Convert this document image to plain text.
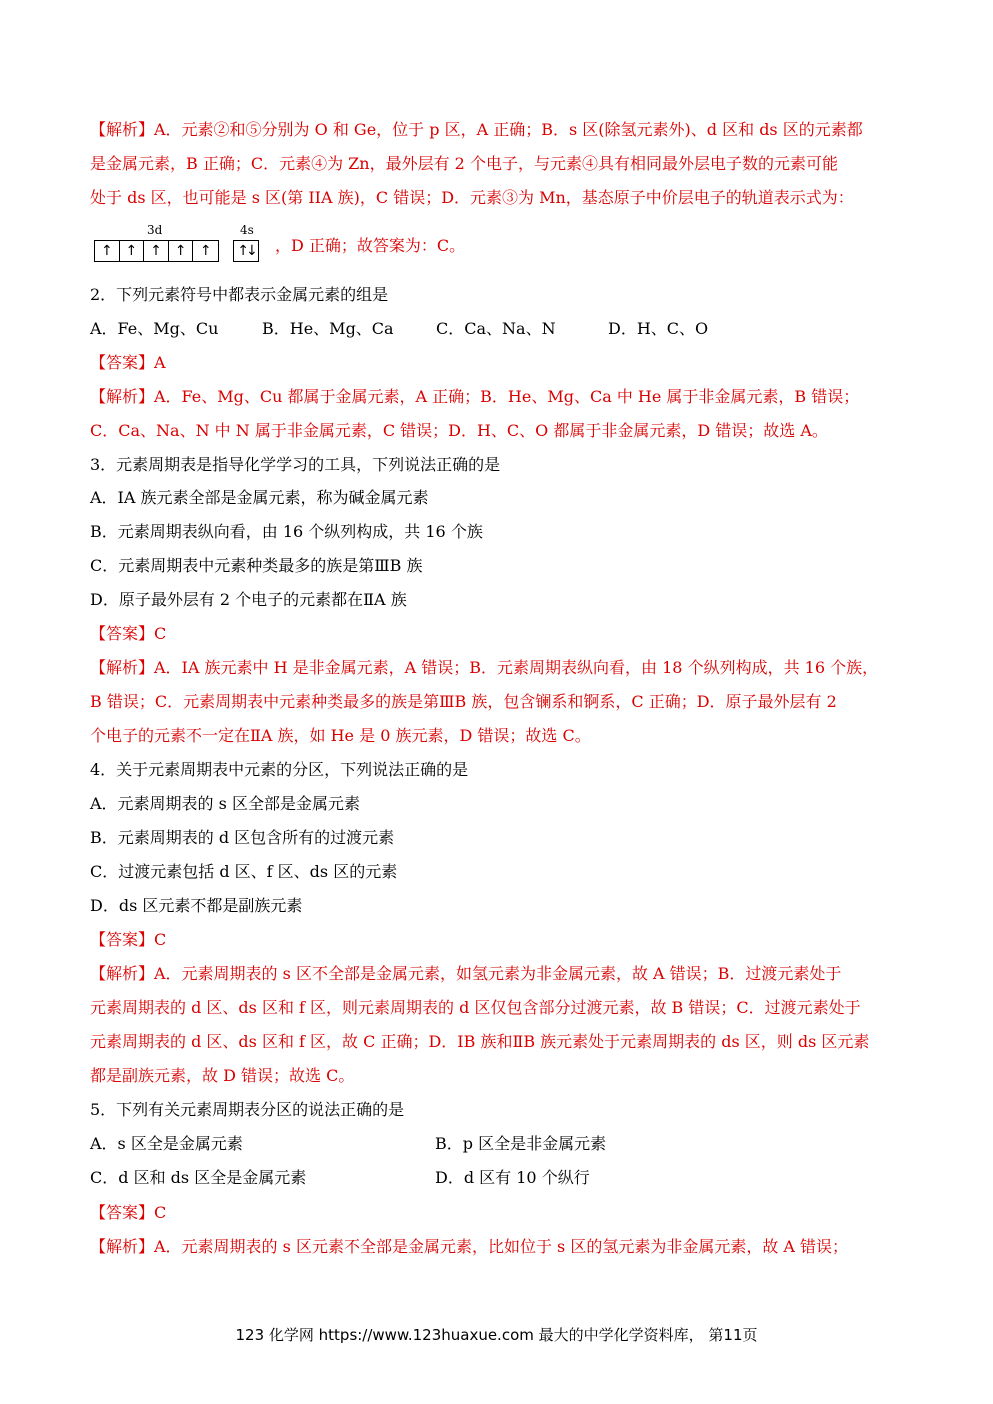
【解析】A．元素②和⑤分别为 O 和 Ge，位于 p 区，A 正确；B．s 区(除氢元素外)、d 区和 ds 区的元素都
是金属元素，B 正确；C．元素④为 Zn，最外层有 2 个电子，与元素④具有相同最外层电子数的元素可能
处于 ds 区，也可能是 s 区(第 IIA 族)，C 错误；D．元素③为 Mn，基态原子中价层电子的轨道表示式为：
3d	4s
↑ ↑ ↑ ↑ ↑	↑↓ ，D 正确；故答案为：C。
2．下列元素符号中都表示金属元素的组是
A．Fe、Mg、Cu	B．He、Mg、Ca	C．Ca、Na、N	D．H、C、O
【答案】A
【解析】A．Fe、Mg、Cu 都属于金属元素，A 正确；B．He、Mg、Ca 中 He 属于非金属元素，B 错误；
C．Ca、Na、N 中 N 属于非金属元素，C 错误；D．H、C、O 都属于非金属元素，D 错误；故选 A。
3．元素周期表是指导化学学习的工具，下列说法正确的是
A．IA 族元素全部是金属元素，称为碱金属元素
B．元素周期表纵向看，由 16 个纵列构成，共 16 个族
C．元素周期表中元素种类最多的族是第ⅢB 族
D．原子最外层有 2 个电子的元素都在ⅡA 族
【答案】C
【解析】A．IA 族元素中 H 是非金属元素，A 错误；B．元素周期表纵向看，由 18 个纵列构成，共 16 个族，
B 错误；C．元素周期表中元素种类最多的族是第ⅢB 族，包含镧系和锕系，C 正确；D．原子最外层有 2
个电子的元素不一定在ⅡA 族，如 He 是 0 族元素，D 错误；故选 C。
4．关于元素周期表中元素的分区，下列说法正确的是
A．元素周期表的 s 区全部是金属元素
B．元素周期表的 d 区包含所有的过渡元素
C．过渡元素包括 d 区、f 区、ds 区的元素
D．ds 区元素不都是副族元素
【答案】C
【解析】A．元素周期表的 s 区不全部是金属元素，如氢元素为非金属元素，故 A 错误；B．过渡元素处于
元素周期表的 d 区、ds 区和 f 区，则元素周期表的 d 区仅包含部分过渡元素，故 B 错误；C．过渡元素处于
元素周期表的 d 区、ds 区和 f 区，故 C 正确；D．IB 族和ⅡB 族元素处于元素周期表的 ds 区，则 ds 区元素
都是副族元素，故 D 错误；故选 C。
5．下列有关元素周期表分区的说法正确的是
A．s 区全是金属元素	B．p 区全是非金属元素
C．d 区和 ds 区全是金属元素	D．d 区有 10 个纵行
【答案】C
【解析】A．元素周期表的 s 区元素不全部是金属元素，比如位于 s 区的氢元素为非金属元素，故 A 错误；
123 化学网 https://www.123huaxue.com 最大的中学化学资料库， 第11页
